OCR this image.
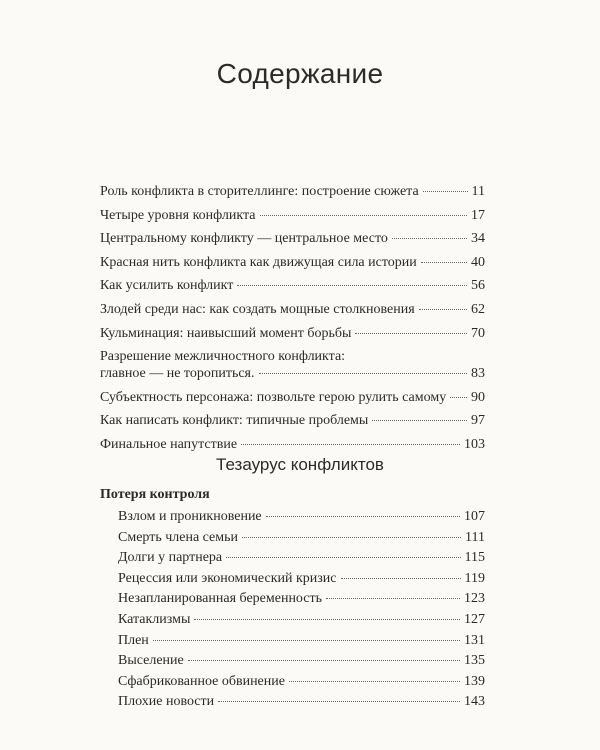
Содержание
Роль конфликта в сторителлинге: построение сюжета	11
Четыре уровня конфликта	17
Центральному конфликту — центральное место	34
Красная нить конфликта как движущая сила истории	40
Как усилить конфликт	56
Злодей среди нас: как создать мощные столкновения	62
Кульминация: наивысший момент борьбы	70
Разрешение межличностного конфликта:
главное — не торопиться.	83
Субъектность персонажа: позвольте герою рулить самому 90
Как написать конфликт: типичные проблемы	97
Финальное напутствие	103
Тезаурус конфликтов
Потеря контроля
Взлом и проникновение	107
Смерть члена семьи	111
Долги у партнера	115
Рецессия или экономический кризис	119
Незапланированная беременность	123
Катаклизмы	127
Плен	131
Выселение	135
Сфабрикованное обвинение	139
Плохие новости	143
